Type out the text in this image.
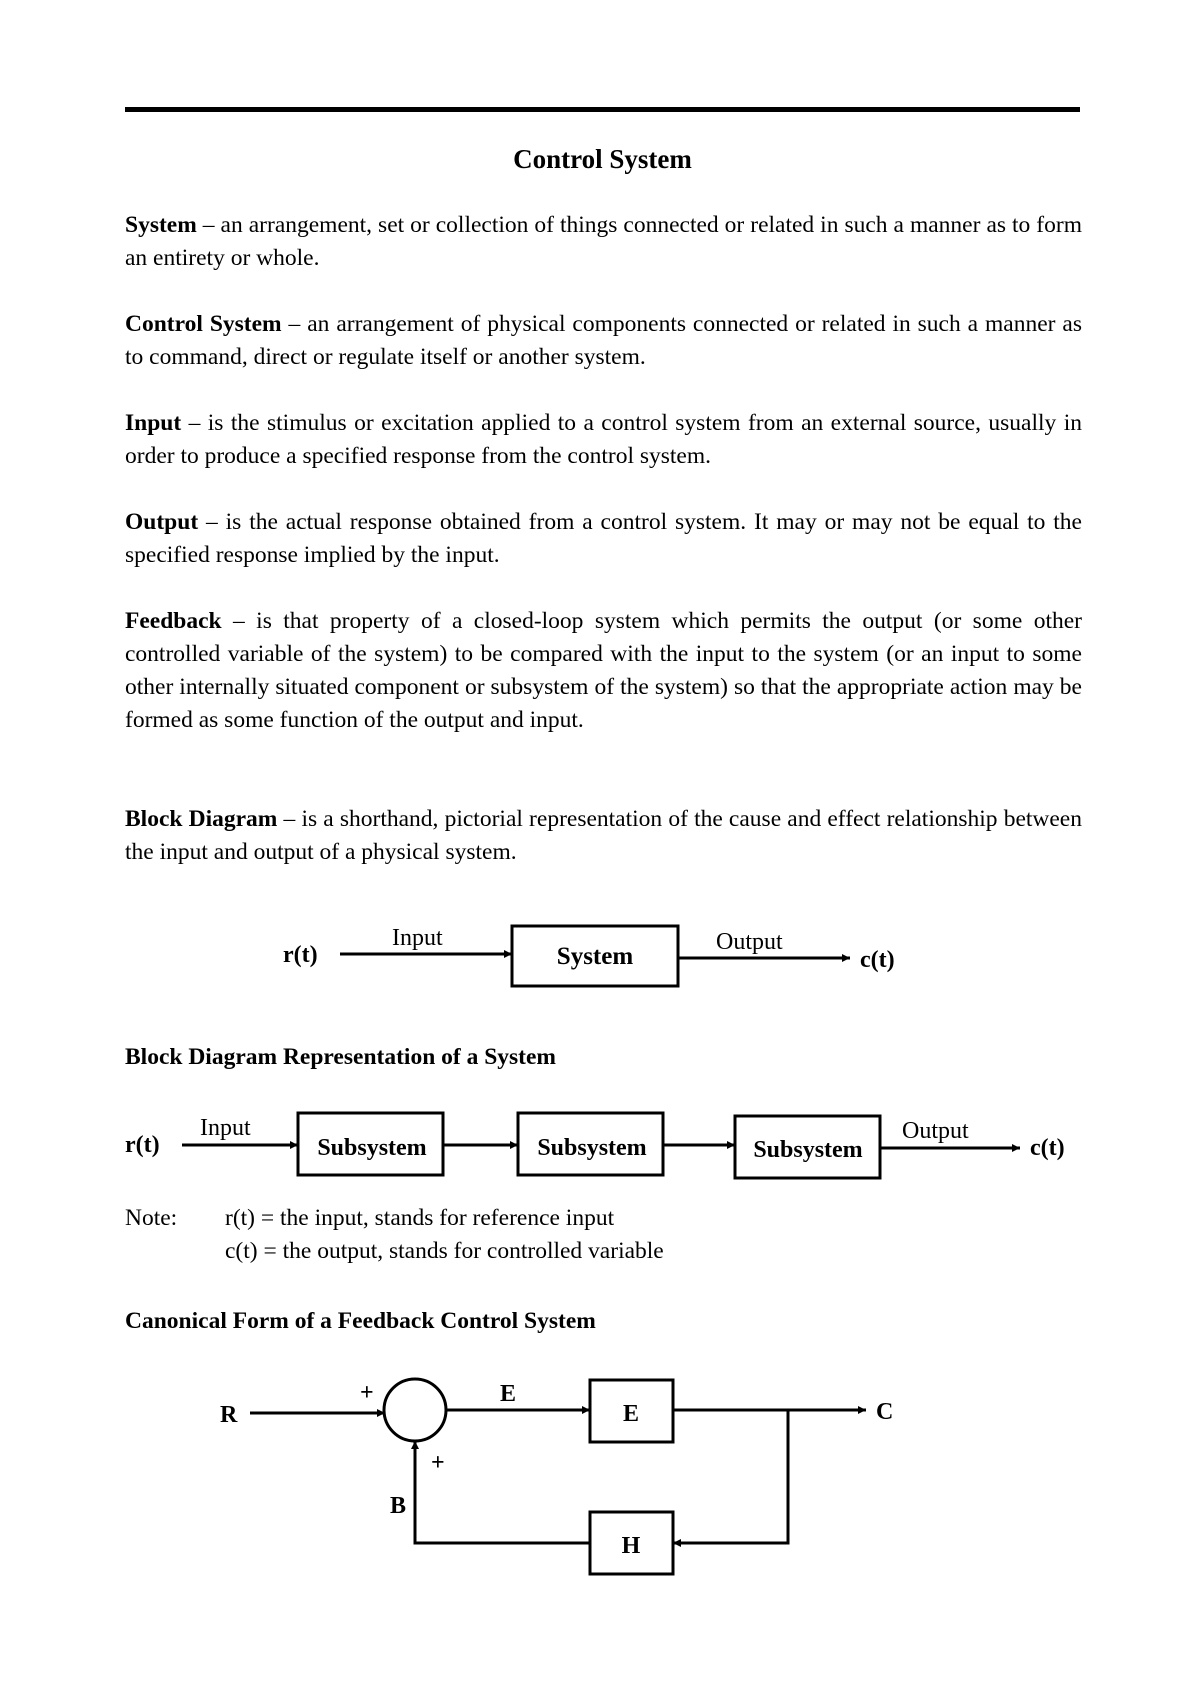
Control System

System – an arrangement, set or collection of things connected or related in such a manner as to form an entirety or whole.

Control System – an arrangement of physical components connected or related in such a manner as to command, direct or regulate itself or another system.

Input – is the stimulus or excitation applied to a control system from an external source, usually in order to produce a specified response from the control system.

Output – is the actual response obtained from a control system. It may or may not be equal to the specified response implied by the input.

Feedback – is that property of a closed-loop system which permits the output (or some other controlled variable of the system) to be compared with the input to the system (or an input to some other internally situated component or subsystem of the system) so that the appropriate action may be formed as some function of the output and input.

Block Diagram – is a shorthand, pictorial representation of the cause and effect relationship between the input and output of a physical system.

r(t)
Input
System
Output
c(t)
Block Diagram Representation of a System
r(t)
Input
Subsystem	Subsystem	Subsystem
Output
c(t)
Note: r(t) = the input, stands for reference input
c(t) = the output, stands for controlled variable
Canonical Form of a Feedback Control System
R
+	E
E	C
H
B
+
